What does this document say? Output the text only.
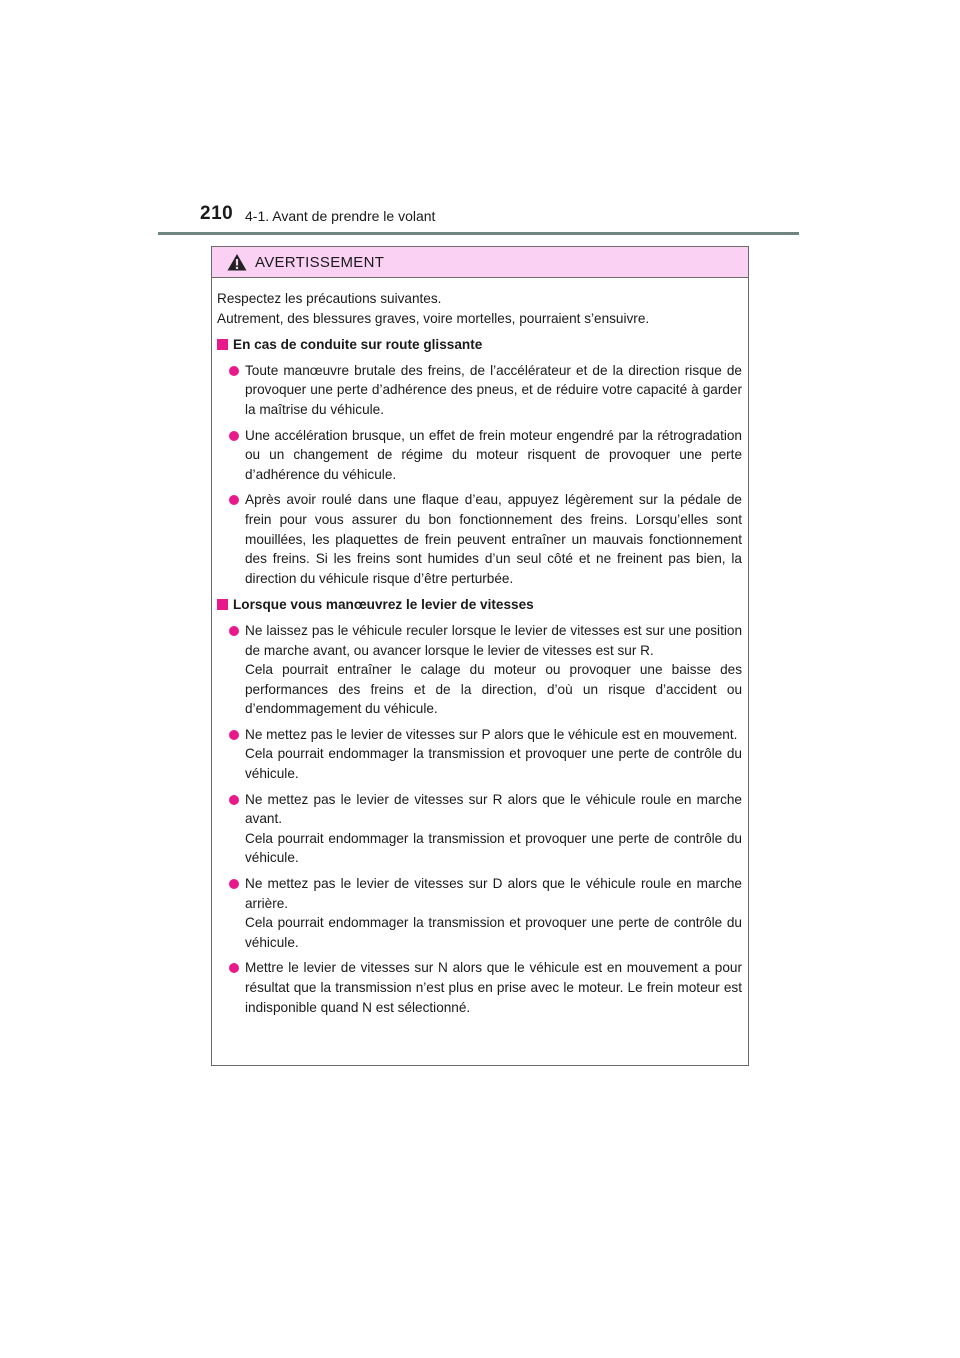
210 4-1. Avant de prendre le volant
AVERTISSEMENT

Respectez les précautions suivantes.

Autrement, des blessures graves, voire mortelles, pourraient s’ensuivre.

En cas de conduite sur route glissante

Toute manœuvre brutale des freins, de l’accélérateur et de la direction risque de provoquer une perte d’adhérence des pneus, et de réduire votre capacité à garder la maîtrise du véhicule.

Une accélération brusque, un effet de frein moteur engendré par la rétrogradation ou un changement de régime du moteur risquent de provoquer une perte d’adhérence du véhicule.

Après avoir roulé dans une flaque d’eau, appuyez légèrement sur la pédale de frein pour vous assurer du bon fonctionnement des freins. Lorsqu’elles sont mouillées, les plaquettes de frein peuvent entraîner un mauvais fonctionnement des freins. Si les freins sont humides d’un seul côté et ne freinent pas bien, la direction du véhicule risque d’être perturbée.

Lorsque vous manœuvrez le levier de vitesses

Ne laissez pas le véhicule reculer lorsque le levier de vitesses est sur une position de marche avant, ou avancer lorsque le levier de vitesses est sur R.

Cela pourrait entraîner le calage du moteur ou provoquer une baisse des performances des freins et de la direction, d’où un risque d’accident ou d’endommagement du véhicule.

Ne mettez pas le levier de vitesses sur P alors que le véhicule est en mouvement.

Cela pourrait endommager la transmission et provoquer une perte de contrôle du véhicule.

Ne mettez pas le levier de vitesses sur R alors que le véhicule roule en marche avant.

Cela pourrait endommager la transmission et provoquer une perte de contrôle du véhicule.

Ne mettez pas le levier de vitesses sur D alors que le véhicule roule en marche arrière.

Cela pourrait endommager la transmission et provoquer une perte de contrôle du véhicule.

Mettre le levier de vitesses sur N alors que le véhicule est en mouvement a pour résultat que la transmission n’est plus en prise avec le moteur. Le frein moteur est indisponible quand N est sélectionné.
